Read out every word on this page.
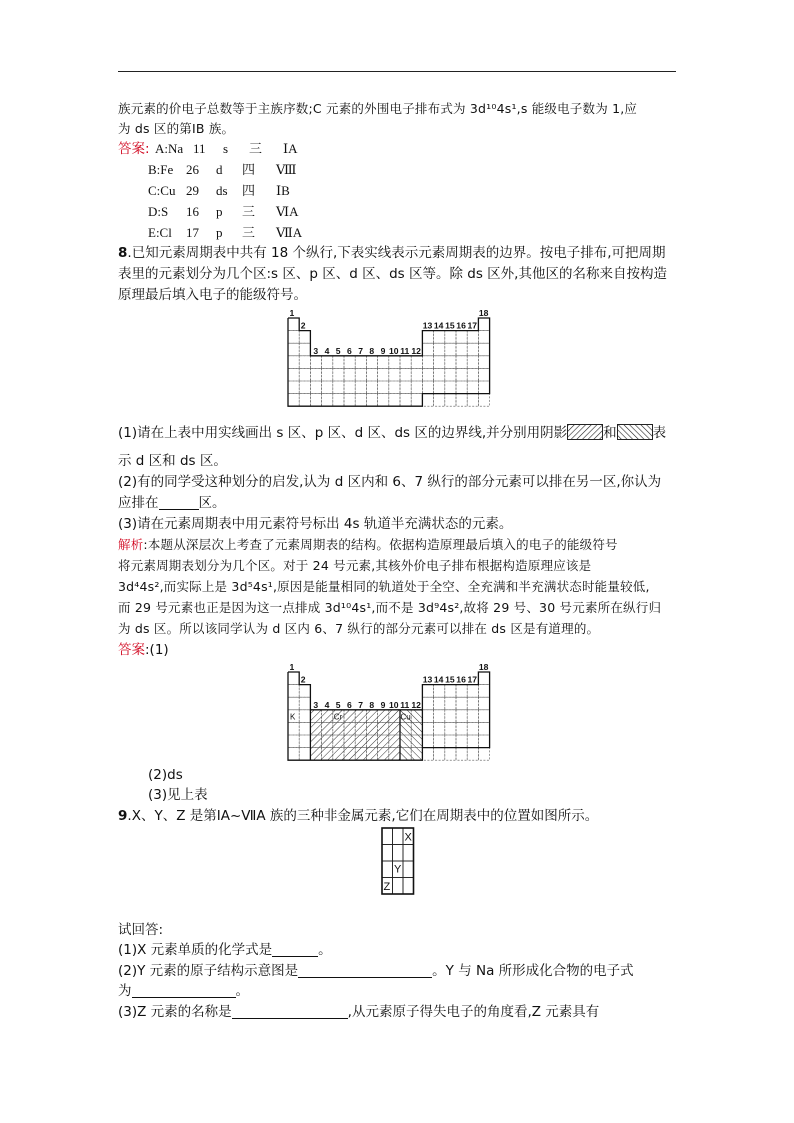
族元素的价电子总数等于主族序数;C 元素的外围电子排布式为 3d¹⁰4s¹,s 能级电子数为 1,应
为 ds 区的第ⅠB 族。
答案: A:Na 11 s 三 ⅠA
B:Fe 26 d 四 Ⅷ
C:Cu 29 ds 四 ⅠB
D:S 16 p 三 ⅥA
E:Cl 17 p 三 ⅦA
8.已知元素周期表中共有 18 个纵行,下表实线表示元素周期表的边界。按电子排布,可把周期
表里的元素划分为几个区:s 区、p 区、d 区、ds 区等。除 ds 区外,其他区的名称来自按构造
原理最后填入电子的能级符号。
1
2
18
13 14 15 16 17
3 4 5 6 7 8 9 10 11 12
(1)请在上表中用实线画出 s 区、p 区、d 区、ds 区的边界线,并分别用阴影	和	表
示 d 区和 ds 区。
(2)有的同学受这种划分的启发,认为 d 区内和 6、7 纵行的部分元素可以排在另一区,你认为
应排在	区。
(3)请在元素周期表中用元素符号标出 4s 轨道半充满状态的元素。
解析:本题从深层次上考查了元素周期表的结构。依据构造原理最后填入的电子的能级符号
将元素周期表划分为几个区。对于 24 号元素,其核外价电子排布根据构造原理应该是
3d⁴4s²,而实际上是 3d⁵4s¹,原因是能量相同的轨道处于全空、全充满和半充满状态时能量较低,
而 29 号元素也正是因为这一点排成 3d¹⁰4s¹,而不是 3d⁹4s²,故将 29 号、30 号元素所在纵行归
为 ds 区。所以该同学认为 d 区内 6、7 纵行的部分元素可以排在 ds 区是有道理的。
答案:(1)
1
2
18
13 14 15 16 17
3 4 5 6 7 8 9 10 11 12
K	Cr	Cu
(2)ds
(3)见上表
9.X、Y、Z 是第ⅠA~ⅦA 族的三种非金属元素,它们在周期表中的位置如图所示。
X
Y
Z
试回答:
(1)X 元素单质的化学式是	。
(2)Y 元素的原子结构示意图是	。Y 与 Na 所形成化合物的电子式
为	。
(3)Z 元素的名称是	,从元素原子得失电子的角度看,Z 元素具有
